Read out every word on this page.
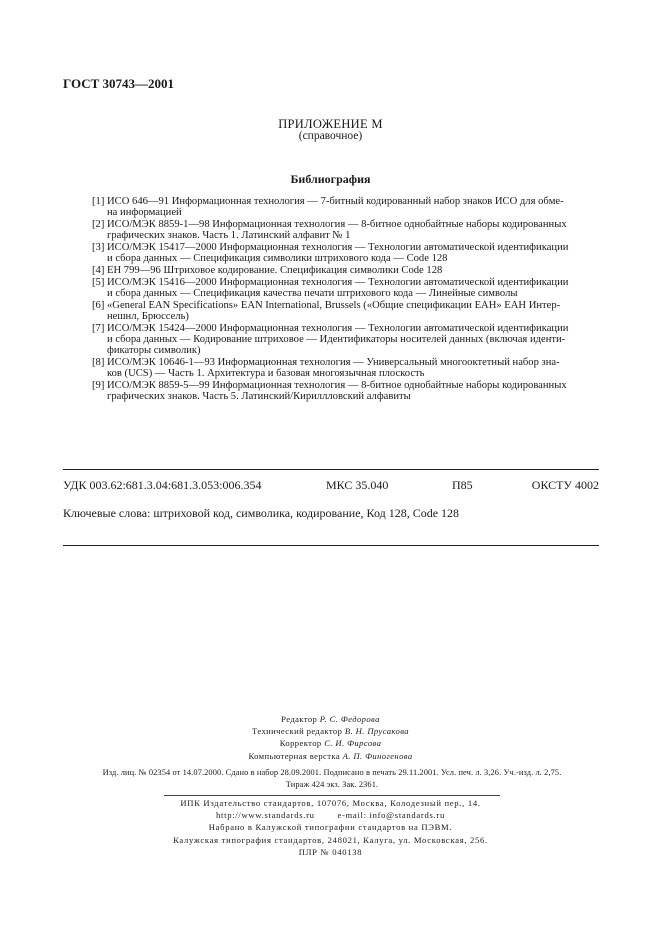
ГОСТ 30743—2001
ПРИЛОЖЕНИЕ М
(справочное)
Библиография
[1] ИСО 646—91 Информационная технология — 7-битный кодированный набор знаков ИСО для обме-
на информацией
[2] ИСО/МЭК 8859-1—98 Информационная технология — 8-битное однобайтные наборы кодированных
графических знаков. Часть 1. Латинский алфавит № 1
[3] ИСО/МЭК 15417—2000 Информационная технология — Технологии автоматической идентификации
и сбора данных — Спецификация символики штрихового кода — Code 128
[4] ЕН 799—96 Штриховое кодирование. Спецификация символики Code 128
[5] ИСО/МЭК 15416—2000 Информационная технология — Технологии автоматической идентификации
и сбора данных — Спецификация качества печати штрихового кода — Линейные символы
[6] «General EAN Specifications» EAN International, Brussels («Общие спецификации ЕАН» ЕАН Интер-
нешнл, Брюссель)
[7] ИСО/МЭК 15424—2000 Информационная технология — Технологии автоматической идентификации
и сбора данных — Кодирование штриховое — Идентификаторы носителей данных (включая иденти-
фикаторы символик)
[8] ИСО/МЭК 10646-1—93 Информационная технология — Универсальный многооктетный набор зна-
ков (UCS) — Часть 1. Архитектура и базовая многоязычная плоскость
[9] ИСО/МЭК 8859-5—99 Информационная технология — 8-битное однобайтные наборы кодированных
графических знаков. Часть 5. Латинский/Кириллловский алфавиты
УДК 003.62:681.3.04:681.3.053:006.354	МКС 35.040	П85	ОКСТУ 4002
Ключевые слова: штриховой код, символика, кодирование, Код 128, Code 128
Редактор Р. С. Федорова
Технический редактор В. Н. Прусакова
Корректор С. И. Фирсова
Компьютерная верстка А. П. Финогенова
Изд. лиц. № 02354 от 14.07.2000. Сдано в набор 28.09.2001. Подписано в печать 29.11.2001. Усл. печ. л. 3,26. Уч.-изд. л. 2,75.
Тираж 424 экз. Зак. 2361.
ИПК Издательство стандартов, 107076, Москва, Колодезный пер., 14.
http://www.standards.ru        e-mail: info@standards.ru
Набрано в Калужской типографии стандартов на ПЭВМ.
Калужская типография стандартов, 248021, Калуга, ул. Московская, 256.
ПЛР № 040138
